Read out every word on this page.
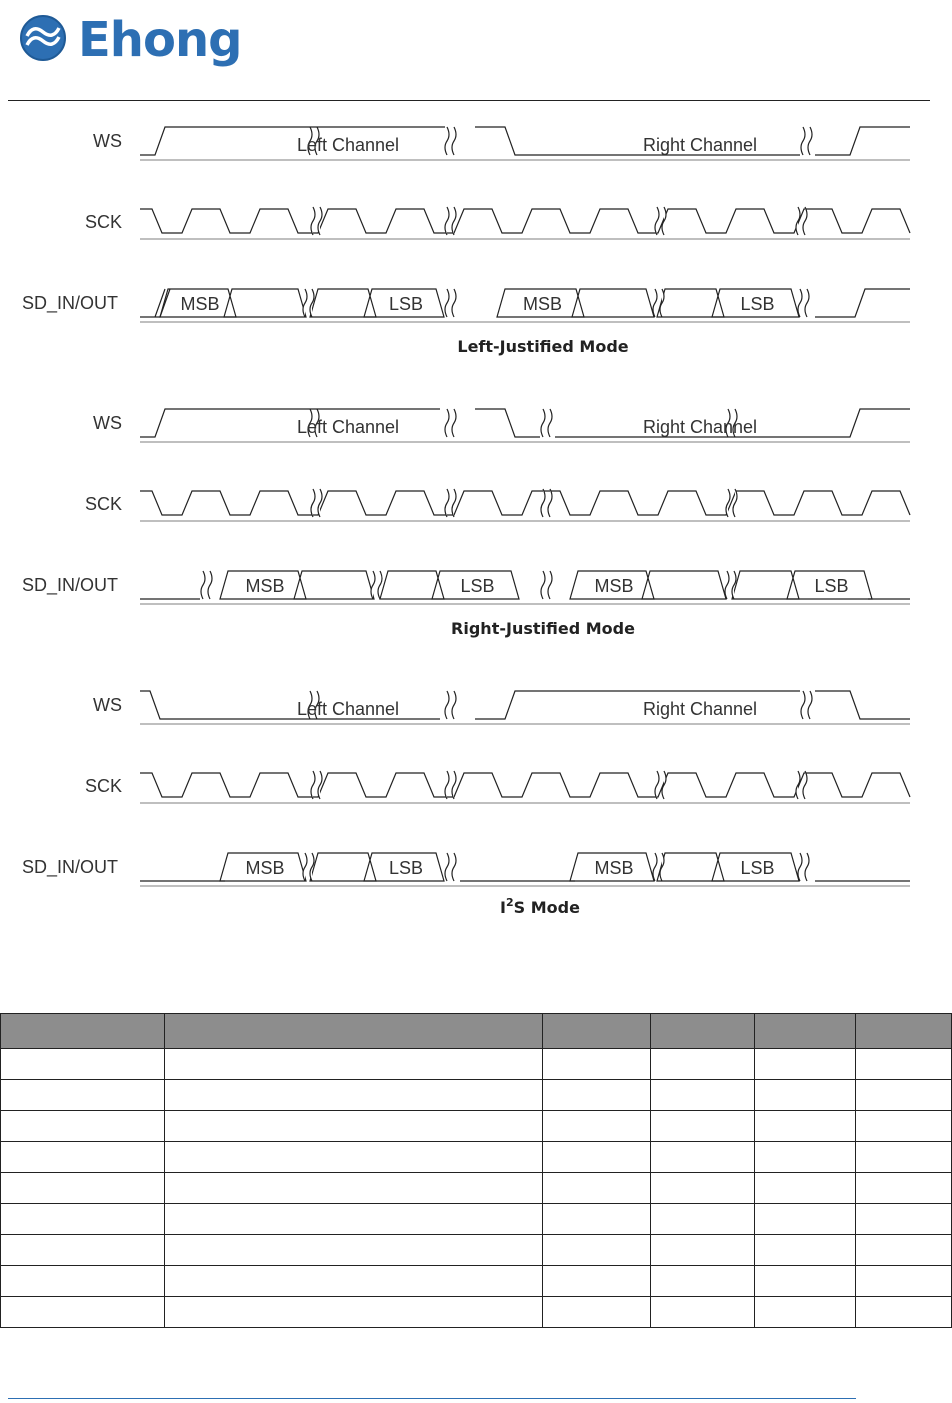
Ehong
WS
SCK
SD_IN/OUT
Left Channel	Right Channel
MSB	LSB	MSB	LSB
Left-Justified Mode
WS
SCK
SD_IN/OUT
Left Channel	Right Channel
MSB	LSB	MSB	LSB
Right-Justified Mode
WS
SCK
SD_IN/OUT
Left Channel	Right Channel
MSB	LSB	MSB	LSB
$I^2S$ Mode
